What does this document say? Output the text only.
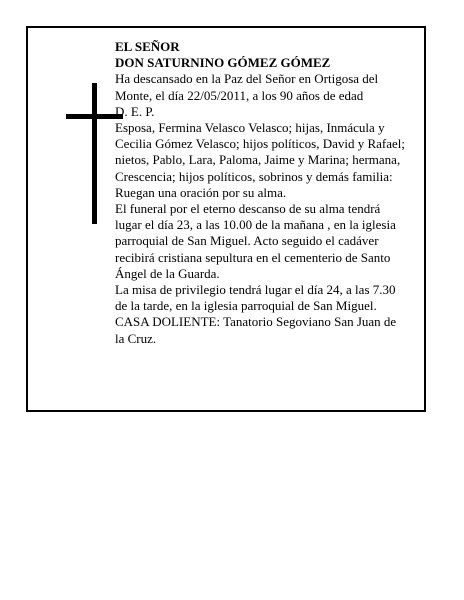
EL SEÑOR
DON SATURNINO GÓMEZ GÓMEZ
Ha descansado en la Paz del Señor en Ortigosa del
Monte, el día 22/05/2011, a los 90 años de edad
D. E. P.
Esposa, Fermina Velasco Velasco; hijas, Inmácula y
Cecilia Gómez Velasco; hijos políticos, David y Rafael;
nietos, Pablo, Lara, Paloma, Jaime y Marina; hermana,
Crescencia; hijos políticos, sobrinos y demás familia:
Ruegan una oración por su alma.
El funeral por el eterno descanso de su alma tendrá
lugar el día 23, a las 10.00 de la mañana , en la iglesia
parroquial de San Miguel. Acto seguido el cadáver
recibirá cristiana sepultura en el cementerio de Santo
Ángel de la Guarda.
La misa de privilegio tendrá lugar el día 24, a las 7.30
de la tarde, en la iglesia parroquial de San Miguel.
CASA DOLIENTE: Tanatorio Segoviano San Juan de
la Cruz.
